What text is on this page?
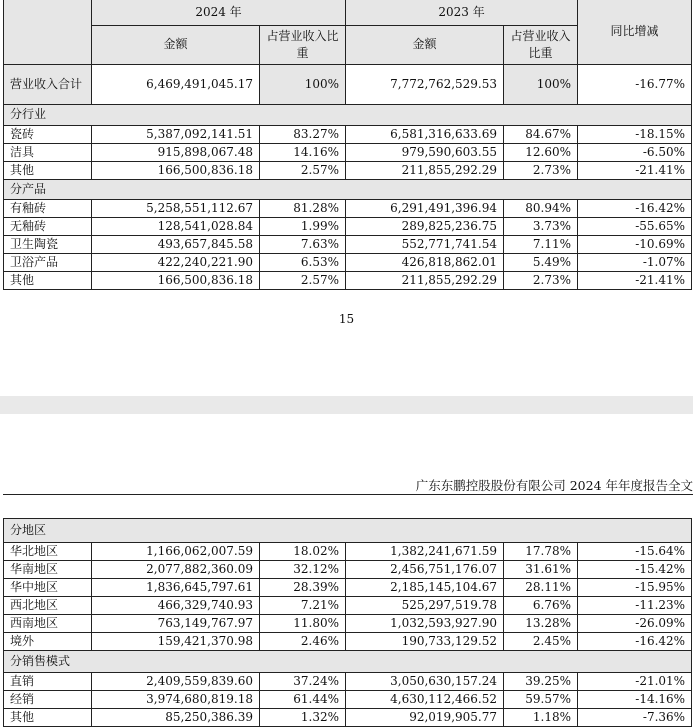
	2024 年		2023 年		同比增减
	金额	占营业收入比重	金额	占营业收入比重	
营业收入合计	6,469,491,045.17	100%	7,772,762,529.53	100%	-16.77%
分行业					
瓷砖	5,387,092,141.51	83.27%	6,581,316,633.69	84.67%	-18.15%
洁具	915,898,067.48	14.16%	979,590,603.55	12.60%	-6.50%
其他	166,500,836.18	2.57%	211,855,292.29	2.73%	-21.41%
分产品					
有釉砖	5,258,551,112.67	81.28%	6,291,491,396.94	80.94%	-16.42%
无釉砖	128,541,028.84	1.99%	289,825,236.75	3.73%	-55.65%
卫生陶瓷	493,657,845.58	7.63%	552,771,741.54	7.11%	-10.69%
卫浴产品	422,240,221.90	6.53%	426,818,862.01	5.49%	-1.07%
其他	166,500,836.18	2.57%	211,855,292.29	2.73%	-21.41%
15
广东东鹏控股股份有限公司 2024 年年度报告全文
分地区					
华北地区	1,166,062,007.59	18.02%	1,382,241,671.59	17.78%	-15.64%
华南地区	2,077,882,360.09	32.12%	2,456,751,176.07	31.61%	-15.42%
华中地区	1,836,645,797.61	28.39%	2,185,145,104.67	28.11%	-15.95%
西北地区	466,329,740.93	7.21%	525,297,519.78	6.76%	-11.23%
西南地区	763,149,767.97	11.80%	1,032,593,927.90	13.28%	-26.09%
境外	159,421,370.98	2.46%	190,733,129.52	2.45%	-16.42%
分销售模式					
直销	2,409,559,839.60	37.24%	3,050,630,157.24	39.25%	-21.01%
经销	3,974,680,819.18	61.44%	4,630,112,466.52	59.57%	-14.16%
其他	85,250,386.39	1.32%	92,019,905.77	1.18%	-7.36%
